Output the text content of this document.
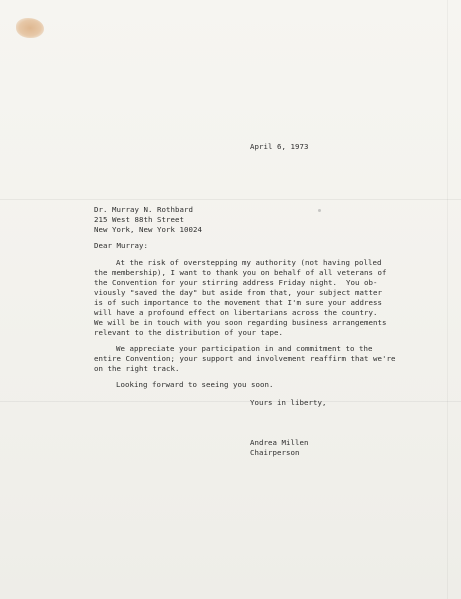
April 6, 1973
Dr. Murray N. Rothbard
215 West 88th Street
New York, New York 10024
Dear Murray:
At the risk of overstepping my authority (not having polled
the membership), I want to thank you on behalf of all veterans of
the Convention for your stirring address Friday night.  You ob-
viously "saved the day" but aside from that, your subject matter
is of such importance to the movement that I'm sure your address
will have a profound effect on libertarians across the country.
We will be in touch with you soon regarding business arrangements
relevant to the distribution of your tape.
We appreciate your participation in and commitment to the
entire Convention; your support and involvement reaffirm that we're
on the right track.
Looking forward to seeing you soon.
Yours in liberty,
Andrea Millen
Chairperson
